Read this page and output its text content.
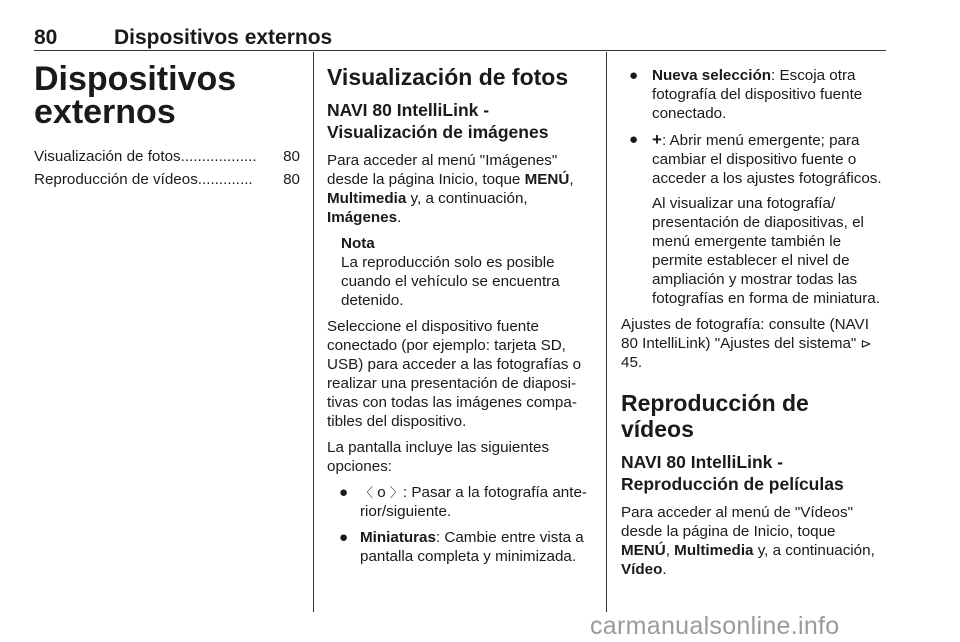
80	Dispositivos externos
Dispositivos
externos
Visualización de fotos ..................	80
Reproducción de vídeos .............	80
Visualización de fotos
NAVI 80 IntelliLink - Visualización de imágenes

Para acceder al menú "Imágenes" desde la página Inicio, toque MENÚ, Multimedia y, a continuación, Imágenes.

Nota
La reproducción solo es posible cuando el vehículo se encuentra detenido.

Seleccione el dispositivo fuente conectado (por ejemplo: tarjeta SD, USB) para acceder a las fotografías o realizar una presentación de diapositivas con todas las imágenes compatibles del dispositivo.

La pantalla incluye las siguientes opciones:

● 〈 o 〉: Pasar a la fotografía anterior/siguiente.
● Miniaturas: Cambie entre vista a pantalla completa y minimizada.
● Nueva selección: Escoja otra fotografía del dispositivo fuente conectado.
● +: Abrir menú emergente; para cambiar el dispositivo fuente o acceder a los ajustes fotográficos.

Al visualizar una fotografía/ presentación de diapositivas, el menú emergente también le permite establecer el nivel de ampliación y mostrar todas las fotografías en forma de miniatura.

Ajustes de fotografía: consulte (NAVI 80 IntelliLink) "Ajustes del sistema" ⊳ 45.

Reproducción de vídeos
NAVI 80 IntelliLink - Reproducción de películas

Para acceder al menú de "Vídeos" desde la página de Inicio, toque MENÚ, Multimedia y, a continuación, Vídeo.

carmanualsonline.info
